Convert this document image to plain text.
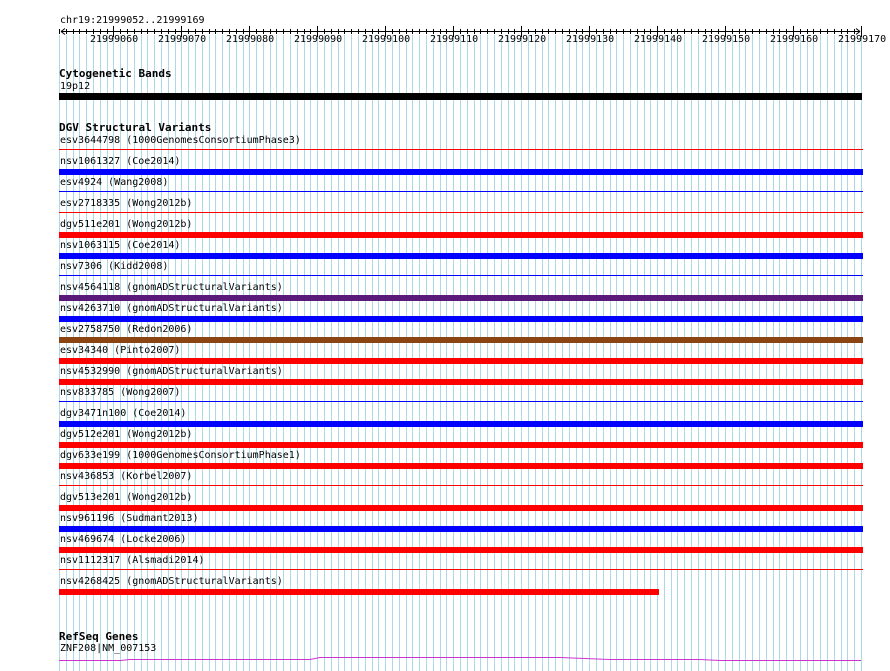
chr19:21999052..21999169
21999060 21999070 21999080 21999090 21999100 21999110 21999120 21999130 21999140 21999150 21999160 21999170
Cytogenetic Bands
19p12
DGV Structural Variants
esv3644798 (1000GenomesConsortiumPhase3)
nsv1061327 (Coe2014)
esv4924 (Wang2008)
esv2718335 (Wong2012b)
dgv511e201 (Wong2012b)
nsv1063115 (Coe2014)
nsv7306 (Kidd2008)
nsv4564118 (gnomADStructuralVariants)
nsv4263710 (gnomADStructuralVariants)
esv2758750 (Redon2006)
esv34340 (Pinto2007)
nsv4532990 (gnomADStructuralVariants)
nsv833785 (Wong2007)
dgv3471n100 (Coe2014)
dgv512e201 (Wong2012b)
dgv633e199 (1000GenomesConsortiumPhase1)
nsv436853 (Korbel2007)
dgv513e201 (Wong2012b)
nsv961196 (Sudmant2013)
nsv469674 (Locke2006)
nsv1112317 (Alsmadi2014)
nsv4268425 (gnomADStructuralVariants)
RefSeq Genes
ZNF208|NM_007153
